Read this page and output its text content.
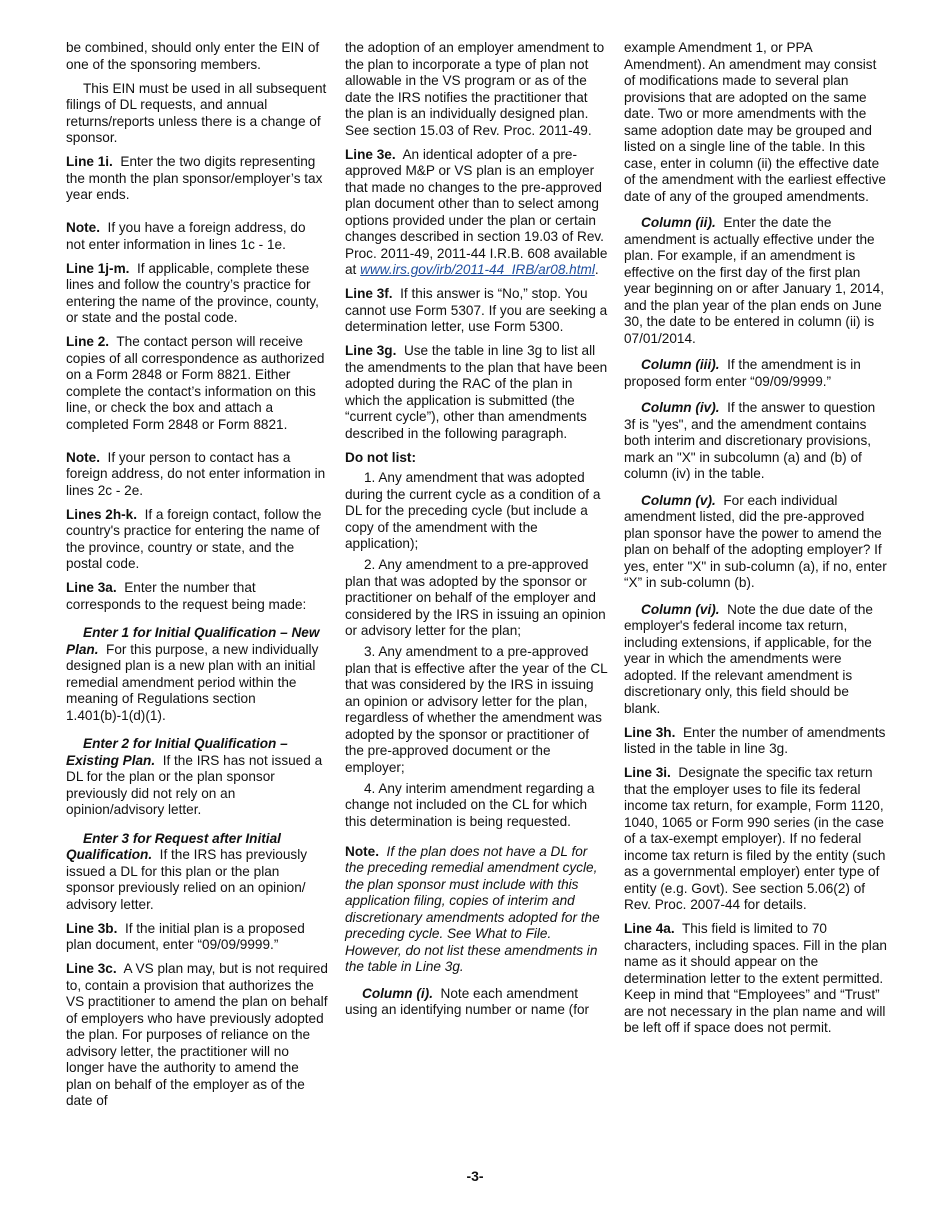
be combined, should only enter the EIN of one of the sponsoring members.

This EIN must be used in all subsequent filings of DL requests, and annual returns/reports unless there is a change of sponsor.

Line 1i. Enter the two digits representing the month the plan sponsor/employer’s tax year ends.

Note. If you have a foreign address, do not enter information in lines 1c - 1e.

Line 1j-m. If applicable, complete these lines and follow the country’s practice for entering the name of the province, county, or state and the postal code.

Line 2. The contact person will receive copies of all correspondence as authorized on a Form 2848 or Form 8821. Either complete the contact’s information on this line, or check the box and attach a completed Form 2848 or Form 8821.

Note. If your person to contact has a foreign address, do not enter information in lines 2c - 2e.

Lines 2h-k. If a foreign contact, follow the country's practice for entering the name of the province, country or state, and the postal code.

Line 3a. Enter the number that corresponds to the request being made:

Enter 1 for Initial Qualification – New Plan. For this purpose, a new individually designed plan is a new plan with an initial remedial amendment period within the meaning of Regulations section 1.401(b)-1(d)(1).

Enter 2 for Initial Qualification – Existing Plan. If the IRS has not issued a DL for the plan or the plan sponsor previously did not rely on an opinion/advisory letter.

Enter 3 for Request after Initial Qualification. If the IRS has previously issued a DL for this plan or the plan sponsor previously relied on an opinion/ advisory letter.

Line 3b. If the initial plan is a proposed plan document, enter “09/09/9999.”

Line 3c. A VS plan may, but is not required to, contain a provision that authorizes the VS practitioner to amend the plan on behalf of employers who have previously adopted the plan. For purposes of reliance on the advisory letter, the practitioner will no longer have the authority to amend the plan on behalf of the employer as of the date of

the adoption of an employer amendment to the plan to incorporate a type of plan not allowable in the VS program or as of the date the IRS notifies the practitioner that the plan is an individually designed plan. See section 15.03 of Rev. Proc. 2011-49.

Line 3e. An identical adopter of a pre-approved M&P or VS plan is an employer that made no changes to the pre-approved plan document other than to select among options provided under the plan or certain changes described in section 19.03 of Rev. Proc. 2011-49, 2011-44 I.R.B. 608 available at www.irs.gov/irb/2011-44_IRB/ar08.html.

Line 3f. If this answer is “No,” stop. You cannot use Form 5307. If you are seeking a determination letter, use Form 5300.

Line 3g. Use the table in line 3g to list all the amendments to the plan that have been adopted during the RAC of the plan in which the application is submitted (the “current cycle”), other than amendments described in the following paragraph.

Do not list:

1. Any amendment that was adopted during the current cycle as a condition of a DL for the preceding cycle (but include a copy of the amendment with the application);

2. Any amendment to a pre-approved plan that was adopted by the sponsor or practitioner on behalf of the employer and considered by the IRS in issuing an opinion or advisory letter for the plan;

3. Any amendment to a pre-approved plan that is effective after the year of the CL that was considered by the IRS in issuing an opinion or advisory letter for the plan, regardless of whether the amendment was adopted by the sponsor or practitioner of the pre-approved document or the employer;

4. Any interim amendment regarding a change not included on the CL for which this determination is being requested.

Note. If the plan does not have a DL for the preceding remedial amendment cycle, the plan sponsor must include with this application filing, copies of interim and discretionary amendments adopted for the preceding cycle. See What to File. However, do not list these amendments in the table in Line 3g.

Column (i). Note each amendment using an identifying number or name (for

example Amendment 1, or PPA Amendment). An amendment may consist of modifications made to several plan provisions that are adopted on the same date. Two or more amendments with the same adoption date may be grouped and listed on a single line of the table. In this case, enter in column (ii) the effective date of the amendment with the earliest effective date of any of the grouped amendments.

Column (ii). Enter the date the amendment is actually effective under the plan. For example, if an amendment is effective on the first day of the first plan year beginning on or after January 1, 2014, and the plan year of the plan ends on June 30, the date to be entered in column (ii) is 07/01/2014.

Column (iii). If the amendment is in proposed form enter “09/09/9999.”

Column (iv). If the answer to question 3f is "yes", and the amendment contains both interim and discretionary provisions, mark an "X" in subcolumn (a) and (b) of column (iv) in the table.

Column (v). For each individual amendment listed, did the pre-approved plan sponsor have the power to amend the plan on behalf of the adopting employer? If yes, enter "X" in sub-column (a), if no, enter “X” in sub-column (b).

Column (vi). Note the due date of the employer's federal income tax return, including extensions, if applicable, for the year in which the amendments were adopted. If the relevant amendment is discretionary only, this field should be blank.

Line 3h. Enter the number of amendments listed in the table in line 3g.

Line 3i. Designate the specific tax return that the employer uses to file its federal income tax return, for example, Form 1120, 1040, 1065 or Form 990 series (in the case of a tax-exempt employer). If no federal income tax return is filed by the entity (such as a governmental employer) enter type of entity (e.g. Govt). See section 5.06(2) of Rev. Proc. 2007-44 for details.

Line 4a. This field is limited to 70 characters, including spaces. Fill in the plan name as it should appear on the determination letter to the extent permitted. Keep in mind that “Employees” and “Trust” are not necessary in the plan name and will be left off if space does not permit.

-3-
